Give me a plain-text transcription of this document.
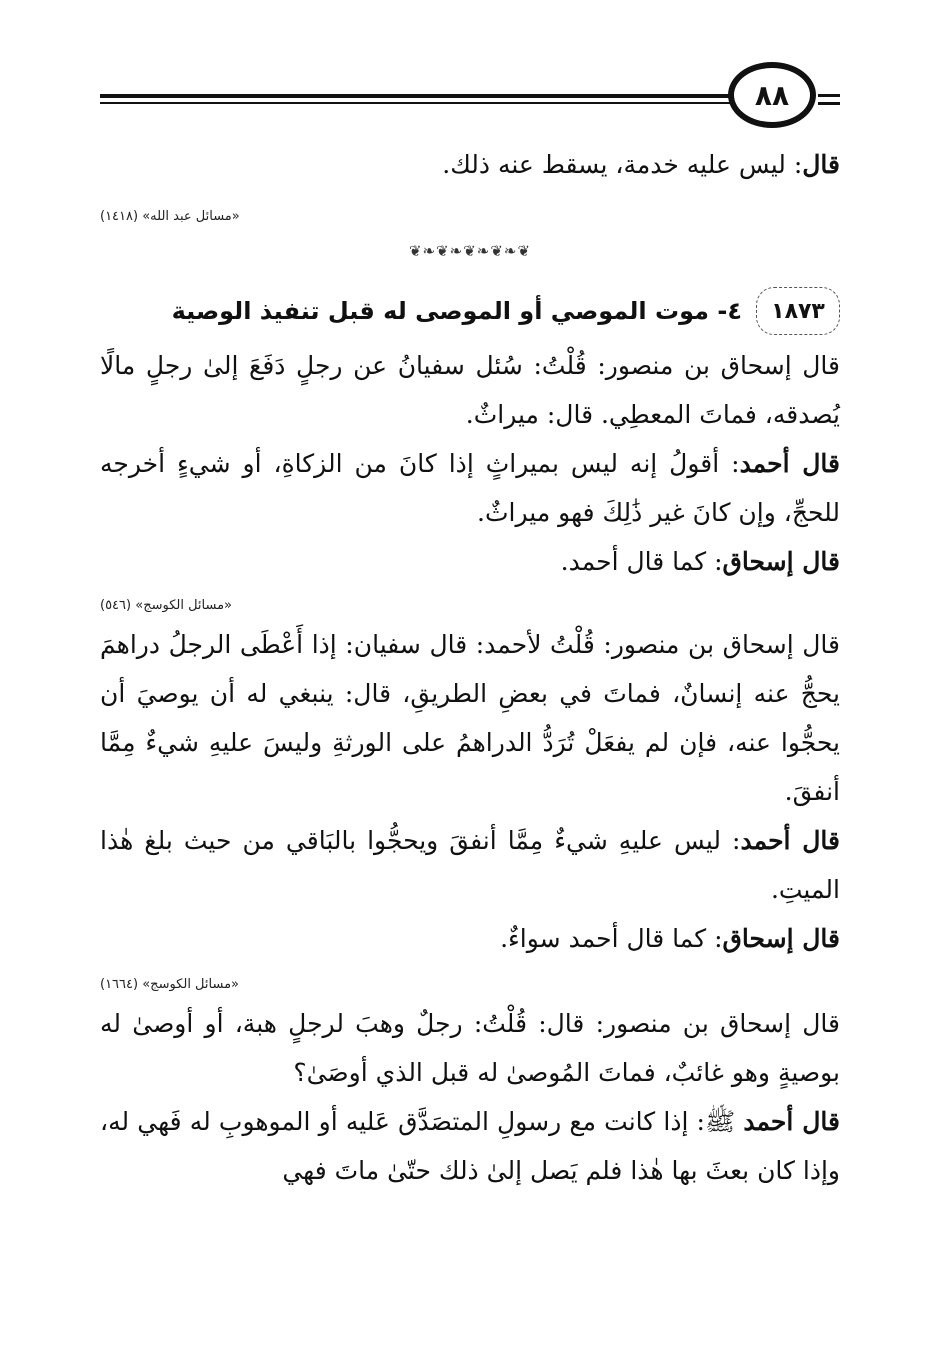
٨٨

قال: ليس عليه خدمة، يسقط عنه ذلك.

«مسائل عبد الله» (١٤١٨)

❦❧❦❧❦❧❦❧❦

١٨٧٣
٤- موت الموصي أو الموصى له قبل تنفيذ الوصية

قال إسحاق بن منصور: قُلْتُ: سُئل سفيانُ عن رجلٍ دَفَعَ إلىٰ رجلٍ مالًا يُصدقه، فماتَ المعطِي. قال: ميراثٌ.

قال أحمد: أقولُ إنه ليس بميراثٍ إذا كانَ من الزكاةِ، أو شيءٍ أخرجه للحجِّ، وإن كانَ غير ذَٰلِكَ فهو ميراثٌ.

قال إسحاق: كما قال أحمد.

«مسائل الكوسج» (٥٤٦)

قال إسحاق بن منصور: قُلْتُ لأحمد: قال سفيان: إذا أَعْطَى الرجلُ دراهمَ يحجُّ عنه إنسانٌ، فماتَ في بعضِ الطريقِ، قال: ينبغي له أن يوصيَ أن يحجُّوا عنه، فإن لم يفعَلْ تُرَدُّ الدراهمُ على الورثةِ وليسَ عليهِ شيءٌ مِمَّا أنفقَ.

قال أحمد: ليس عليهِ شيءٌ مِمَّا أنفقَ ويحجُّوا بالبَاقي من حيث بلغ هٰذا الميتِ.

قال إسحاق: كما قال أحمد سواءٌ.

«مسائل الكوسج» (١٦٦٤)

قال إسحاق بن منصور: قال: قُلْتُ: رجلٌ وهبَ لرجلٍ هبة، أو أوصىٰ له بوصيةٍ وهو غائبٌ، فماتَ المُوصىٰ له قبل الذي أوصَىٰ؟

قال أحمد ﷺ: إذا كانت مع رسولِ المتصَدَّق عَليه أو الموهوبِ له فَهي له، وإذا كان بعثَ بها هٰذا فلم يَصل إلىٰ ذلك حتّىٰ ماتَ فهي
